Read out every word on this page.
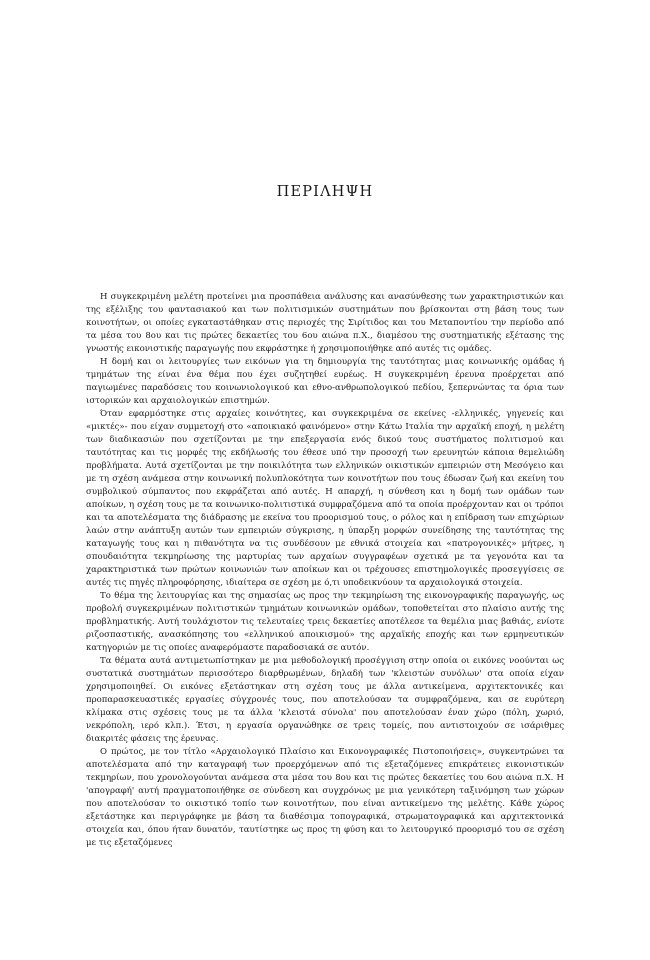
ΠΕΡΙΛΗΨΗ

Η συγκεκριμένη μελέτη προτείνει μια προσπάθεια ανάλυσης και ανασύνθεσης των χαρακτηριστικών και της εξέλιξης του φαντασιακού και των πολιτισμικών συστημάτων που βρίσκονται στη βάση τους των κοινοτήτων, οι οποίες εγκαταστάθηκαν στις περιοχές της Σιρίτιδος και του Μεταποντίου την περίοδο από τα μέσα του 8ου και τις πρώτες δεκαετίες του 6ου αιώνα π.Χ., διαμέσου της συστηματικής εξέτασης της γνωστής εικονιστικής παραγωγής που εκφράστηκε ή χρησιμοποιήθηκε από αυτές τις ομάδες.

Η δομή και οι λειτουργίες των εικόνων για τη δημιουργία της ταυτότητας μιας κοινωνικής ομάδας ή τμημάτων της είναι ένα θέμα που έχει συζητηθεί ευρέως. Η συγκεκριμένη έρευνα προέρχεται από παγιωμένες παραδόσεις του κοινωνιολογικού και εθνο-ανθρωπολογικού πεδίου, ξεπερνώντας τα όρια των ιστορικών και αρχαιολογικών επιστημών.

Όταν εφαρμόστηκε στις αρχαίες κοινότητες, και συγκεκριμένα σε εκείνες -ελληνικές, γηγενείς και «μικτές»- που είχαν συμμετοχή στο «αποικιακό φαινόμενο» στην Κάτω Ιταλία την αρχαϊκή εποχή, η μελέτη των διαδικασιών που σχετίζονται με την επεξεργασία ενός δικού τους συστήματος πολιτισμού και ταυτότητας και τις μορφές της εκδήλωσής του έθεσε υπό την προσοχή των ερευνητών κάποια θεμελιώδη προβλήματα. Αυτά σχετίζονται με την ποικιλότητα των ελληνικών οικιστικών εμπειριών στη Μεσόγειο και με τη σχέση ανάμεσα στην κοινωνική πολυπλοκότητα των κοινοτήτων που τους έδωσαν ζωή και εκείνη του συμβολικού σύμπαντος που εκφράζεται από αυτές. Η απαρχή, η σύνθεση και η δομή των ομάδων των αποίκων, η σχέση τους με τα κοινωνικο-πολιτιστικά συμφραζόμενα από τα οποία προέρχονταν και οι τρόποι και τα αποτελέσματα της διάδρασης με εκείνα του προορισμού τους, ο ρόλος και η επίδραση των επιχώριων λαών στην ανάπτυξη αυτών των εμπειριών σύγκρισης, η ύπαρξη μορφών συνείδησης της ταυτότητας της καταγωγής τους και η πιθανότητα να τις συνδέσουν με εθνικά στοιχεία και «πατρογονικές» μήτρες, η σπουδαιότητα τεκμηρίωσης της μαρτυρίας των αρχαίων συγγραφέων σχετικά με τα γεγονότα και τα χαρακτηριστικά των πρώτων κοινωνιών των αποίκων και οι τρέχουσες επιστημολογικές προσεγγίσεις σε αυτές τις πηγές πληροφόρησης, ιδιαίτερα σε σχέση με ό,τι υποδεικνύουν τα αρχαιολογικά στοιχεία.

Το θέμα της λειτουργίας και της σημασίας ως προς την τεκμηρίωση της εικονογραφικής παραγωγής, ως προβολή συγκεκριμένων πολιτιστικών τμημάτων κοινωνικών ομάδων, τοποθετείται στο πλαίσιο αυτής της προβληματικής. Αυτή τουλάχιστον τις τελευταίες τρεις δεκαετίες αποτέλεσε τα θεμέλια μιας βαθιάς, ενίοτε ριζοσπαστικής, ανασκόπησης του «ελληνικού αποικισμού» της αρχαϊκής εποχής και των ερμηνευτικών κατηγοριών με τις οποίες αναφερόμαστε παραδοσιακά σε αυτόν.

Τα θέματα αυτά αντιμετωπίστηκαν με μια μεθοδολογική προσέγγιση στην οποία οι εικόνες νοούνται ως συστατικά συστημάτων περισσότερο διαρθρωμένων, δηλαδή των 'κλειστών συνόλων' στα οποία είχαν χρησιμοποιηθεί. Οι εικόνες εξετάστηκαν στη σχέση τους με άλλα αντικείμενα, αρχιτεκτονικές και προπαρασκευαστικές εργασίες σύγχρονές τους, που αποτελούσαν τα συμφραζόμενα, και σε ευρύτερη κλίμακα στις σχέσεις τους με τα άλλα 'κλειστά σύνολα' που αποτελούσαν έναν χώρο (πόλη, χωριό, νεκρόπολη, ιερό κλπ.). Έτσι, η εργασία οργανώθηκε σε τρεις τομείς, που αντιστοιχούν σε ισάριθμες διακριτές φάσεις της έρευνας.

Ο πρώτος, με τον τίτλο «Αρχαιολογικό Πλαίσιο και Εικονογραφικές Πιστοποιήσεις», συγκεντρώνει τα αποτελέσματα από την καταγραφή των προερχόμενων από τις εξεταζόμενες επικράτειες εικονιστικών τεκμηρίων, που χρονολογούνται ανάμεσα στα μέσα του 8ου και τις πρώτες δεκαετίες του 6ου αιώνα π.Χ. Η 'απογραφή' αυτή πραγματοποιήθηκε σε σύνδεση και συγχρόνως με μια γενικότερη ταξινόμηση των χώρων που αποτελούσαν το οικιστικό τοπίο των κοινοτήτων, που είναι αντικείμενο της μελέτης. Κάθε χώρος εξετάστηκε και περιγράφηκε με βάση τα διαθέσιμα τοπογραφικά, στρωματογραφικά και αρχιτεκτονικά στοιχεία και, όπου ήταν δυνατόν, ταυτίστηκε ως προς τη φύση και το λειτουργικό προορισμό του σε σχέση με τις εξεταζόμενες
